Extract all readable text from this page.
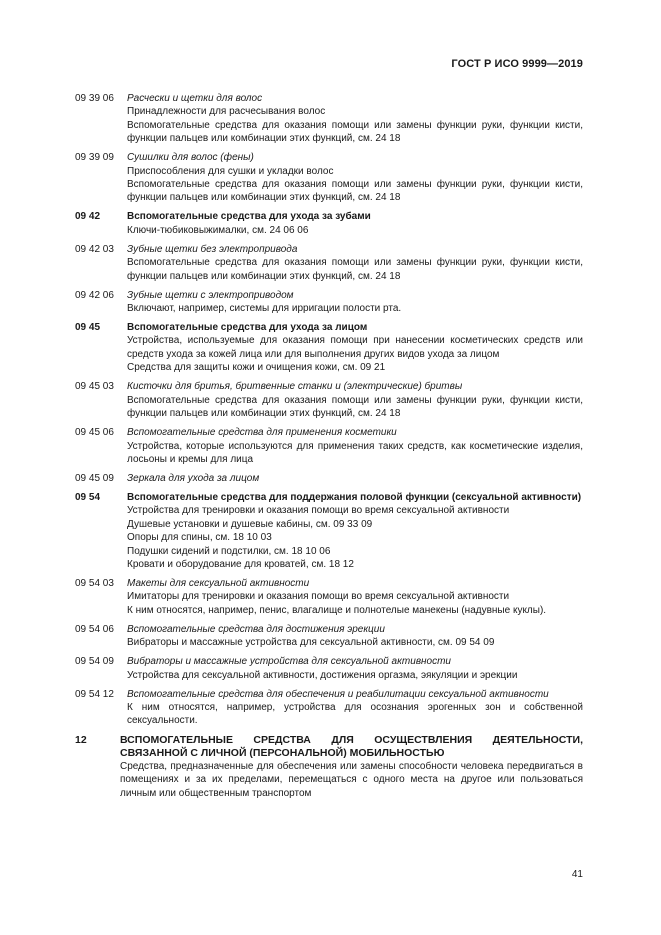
ГОСТ Р ИСО 9999—2019
09 39 06	Расчески и щетки для волос
Принадлежности для расчесывания волос
Вспомогательные средства для оказания помощи или замены функции руки, функции кисти, функции пальцев или комбинации этих функций, см. 24 18
09 39 09	Сушилки для волос (фены)
Приспособления для сушки и укладки волос
Вспомогательные средства для оказания помощи или замены функции руки, функции кисти, функции пальцев или комбинации этих функций, см. 24 18
09 42	Вспомогательные средства для ухода за зубами
Ключи-тюбиковыжималки, см. 24 06 06
09 42 03	Зубные щетки без электропривода
Вспомогательные средства для оказания помощи или замены функции руки, функции кисти, функции пальцев или комбинации этих функций, см. 24 18
09 42 06	Зубные щетки с электроприводом
Включают, например, системы для ирригации полости рта.
09 45	Вспомогательные средства для ухода за лицом
Устройства, используемые для оказания помощи при нанесении косметических средств или средств ухода за кожей лица или для выполнения других видов ухода за лицом
Средства для защиты кожи и очищения кожи, см. 09 21
09 45 03	Кисточки для бритья, бритвенные станки и (электрические) бритвы
Вспомогательные средства для оказания помощи или замены функции руки, функции кисти, функции пальцев или комбинации этих функций, см. 24 18
09 45 06	Вспомогательные средства для применения косметики
Устройства, которые используются для применения таких средств, как косметические изделия, лосьоны и кремы для лица
09 45 09	Зеркала для ухода за лицом
09 54	Вспомогательные средства для поддержания половой функции (сексуальной активности)
Устройства для тренировки и оказания помощи во время сексуальной активности
Душевые установки и душевые кабины, см. 09 33 09
Опоры для спины, см. 18 10 03
Подушки сидений и подстилки, см. 18 10 06
Кровати и оборудование для кроватей, см. 18 12
09 54 03	Макеты для сексуальной активности
Имитаторы для тренировки и оказания помощи во время сексуальной активности
К ним относятся, например, пенис, влагалище и полнотелые манекены (надувные куклы).
09 54 06	Вспомогательные средства для достижения эрекции
Вибраторы и массажные устройства для сексуальной активности, см. 09 54 09
09 54 09	Вибраторы и массажные устройства для сексуальной активности
Устройства для сексуальной активности, достижения оргазма, эякуляции и эрекции
09 54 12	Вспомогательные средства для обеспечения и реабилитации сексуальной активности
К ним относятся, например, устройства для осознания эрогенных зон и собственной сексуальности.
12	ВСПОМОГАТЕЛЬНЫЕ СРЕДСТВА ДЛЯ ОСУЩЕСТВЛЕНИЯ ДЕЯТЕЛЬНОСТИ, СВЯЗАННОЙ С ЛИЧНОЙ (ПЕРСОНАЛЬНОЙ) МОБИЛЬНОСТЬЮ
Средства, предназначенные для обеспечения или замены способности человека передвигаться в помещениях и за их пределами, перемещаться с одного места на другое или пользоваться личным или общественным транспортом
41
